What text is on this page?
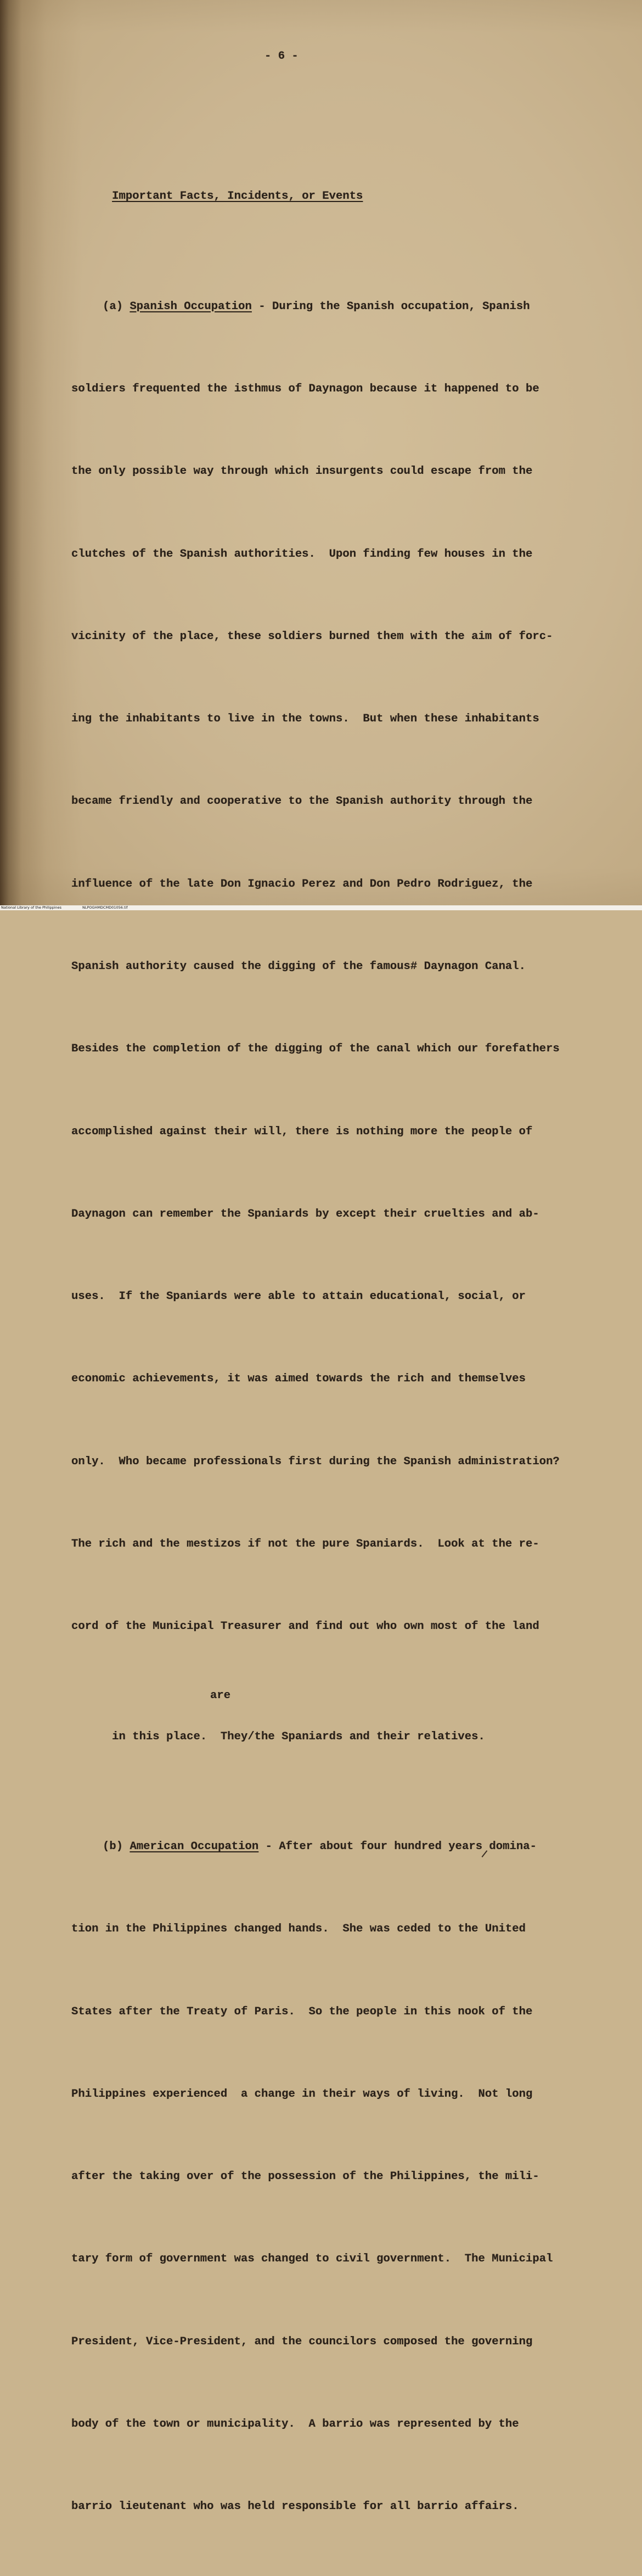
- 6 -

Important Facts, Incidents, or Events

(a) Spanish Occupation - During the Spanish occupation, Spanish

soldiers frequented the isthmus of Daynagon because it happened to be

the only possible way through which insurgents could escape from the

clutches of the Spanish authorities.  Upon finding few houses in the

vicinity of the place, these soldiers burned them with the aim of forc-

ing the inhabitants to live in the towns.  But when these inhabitants

became friendly and cooperative to the Spanish authority through the

influence of the late Don Ignacio Perez and Don Pedro Rodriguez, the

Spanish authority caused the digging of the famous# Daynagon Canal.

Besides the completion of the digging of the canal which our forefathers

accomplished against their will, there is nothing more the people of

Daynagon can remember the Spaniards by except their cruelties and ab-

uses.  If the Spaniards were able to attain educational, social, or

economic achievements, it was aimed towards the rich and themselves

only.  Who became professionals first during the Spanish administration?

The rich and the mestizos if not the pure Spaniards.  Look at the re-

cord of the Municipal Treasurer and find out who own most of the land

are
in this place.  They/the Spaniards and their relatives.

(b) American Occupation - After about four hundred years domina-

tion in the Philippines changed hands.  She was ceded to the United

States after the Treaty of Paris.  So the people in this nook of the

Philippines experienced  a change in their ways of living.  Not long

after the taking over of the possession of the Philippines, the mili-

tary form of government was changed to civil government.  The Municipal

President, Vice-President, and the councilors composed the governing

body of the town or municipality.  A barrio was represented by the

barrio lieutenant who was held responsible for all barrio affairs.

National Library of the Philippines

	NLPOGHMDCMD01056.tif
